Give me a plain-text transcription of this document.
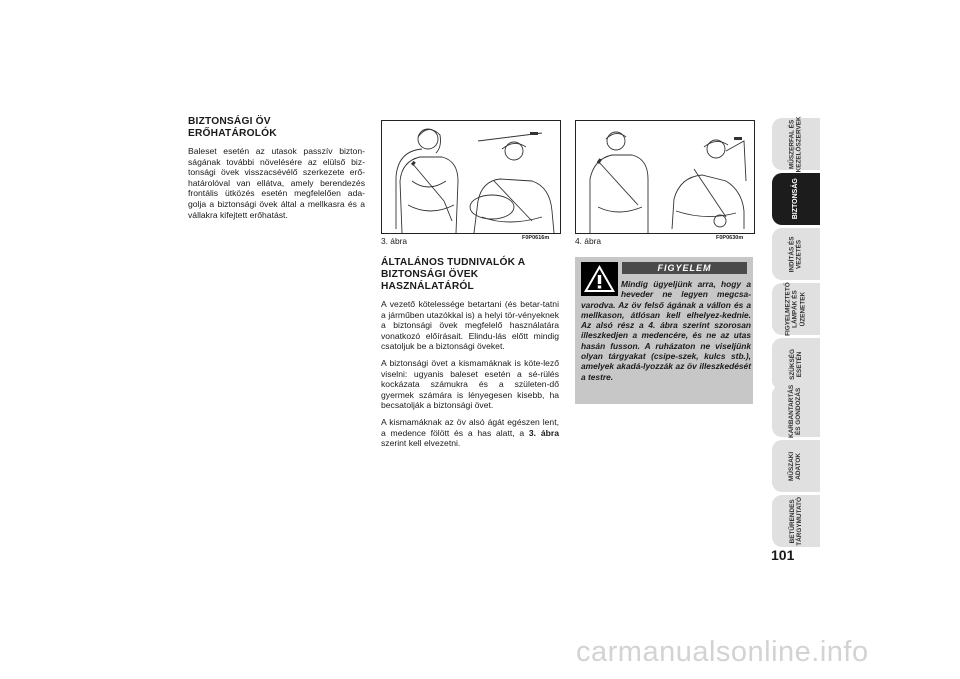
BIZTONSÁGI ÖV
ERŐHATÁROLÓK

Baleset esetén az utasok passzív bizton-ságának további növelésére az elülső biz-tonsági övek visszacsévélő szerkezete erő-határolóval van ellátva, amely berendezés frontális ütközés esetén megfelelően ada-golja a biztonsági övek által a mellkasra és a vállakra kifejtett erőhatást.

3. ábra	F0P0616m	4. ábra	F0P0630m
ÁLTALÁNOS TUDNIVALÓK A
BIZTONSÁGI ÖVEK
HASZNÁLATÁRÓL

A vezető kötelessége betartani (és betar-tatni a járműben utazókkal is) a helyi tör-vényeknek a biztonsági övek megfelelő használatára vonatkozó előírásait. Elindu-lás előtt mindig csatoljuk be a biztonsági öveket.

A biztonsági övet a kismamáknak is köte-lező viselni: ugyanis baleset esetén a sé-rülés kockázata számukra és a születen-dő gyermek számára is lényegesen kisebb, ha becsatolják a biztonsági övet.

A kismamáknak az öv alsó ágát egészen lent, a medence fölött és a has alatt, a 3. ábra szerint kell elvezetni.

FIGYELEM
Mindig ügyeljünk arra, hogy a heveder ne legyen megcsa-varodva. Az öv felső ágának a vállon és a mellkason, átlósan kell elhelyez-kednie. Az alsó rész a 4. ábra szerint szorosan illeszkedjen a medencére, és ne az utas hasán fusson. A ruházaton ne viseljünk olyan tárgyakat (csipe-szek, kulcs stb.), amelyek akadá-lyozzák az öv illeszkedését a testre.
MŰSZERFAL ÉS
KEZELŐSZERVEK
BIZTONSÁG
INDÍTÁS ÉS
VEZETÉS
FIGYELMEZTETŐ
LÁMPÁK ÉS
ÜZENETEK
SZÜKSÉG
ESETÉN
KARBANTARTÁS
ÉS GONDOZÁS
MŰSZAKI
ADATOK
BETŰRENDES
TÁRGYMUTATÓ
101
carmanualsonline.info
